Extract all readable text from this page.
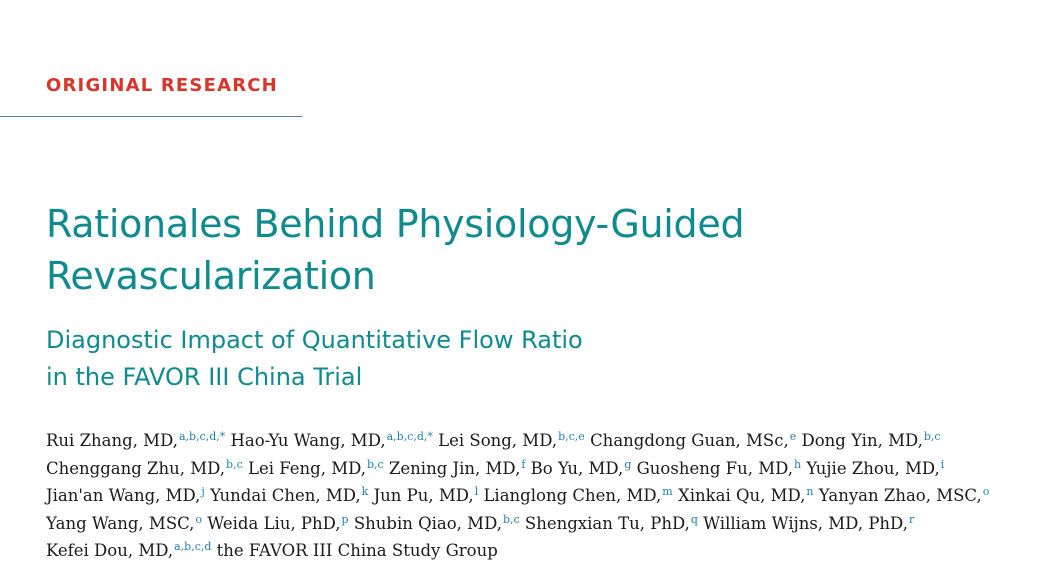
ORIGINAL RESEARCH
Rationales Behind Physiology-Guided
Revascularization
Diagnostic Impact of Quantitative Flow Ratio
in the FAVOR III China Trial
Rui Zhang, MD,$^{a,b,c,d,*}$ Hao-Yu Wang, MD,$^{a,b,c,d,*}$ Lei Song, MD,$^{b,c,e}$ Changdong Guan, MSc,$^e$ Dong Yin, MD,$^{b,c}$
Chenggang Zhu, MD,$^{b,c}$ Lei Feng, MD,$^{b,c}$ Zening Jin, MD,$^f$ Bo Yu, MD,$^g$ Guosheng Fu, MD,$^h$ Yujie Zhou, MD,$^i$
Jian'an Wang, MD,$^j$ Yundai Chen, MD,$^k$ Jun Pu, MD,$^l$ Lianglong Chen, MD,$^m$ Xinkai Qu, MD,$^n$ Yanyan Zhao, MSC,$^o$
Yang Wang, MSC,$^o$ Weida Liu, PhD,$^p$ Shubin Qiao, MD,$^{b,c}$ Shengxian Tu, PhD,$^q$ William Wijns, MD, PhD,$^r$
Kefei Dou, MD,$^{a,b,c,d}$ the FAVOR III China Study Group
